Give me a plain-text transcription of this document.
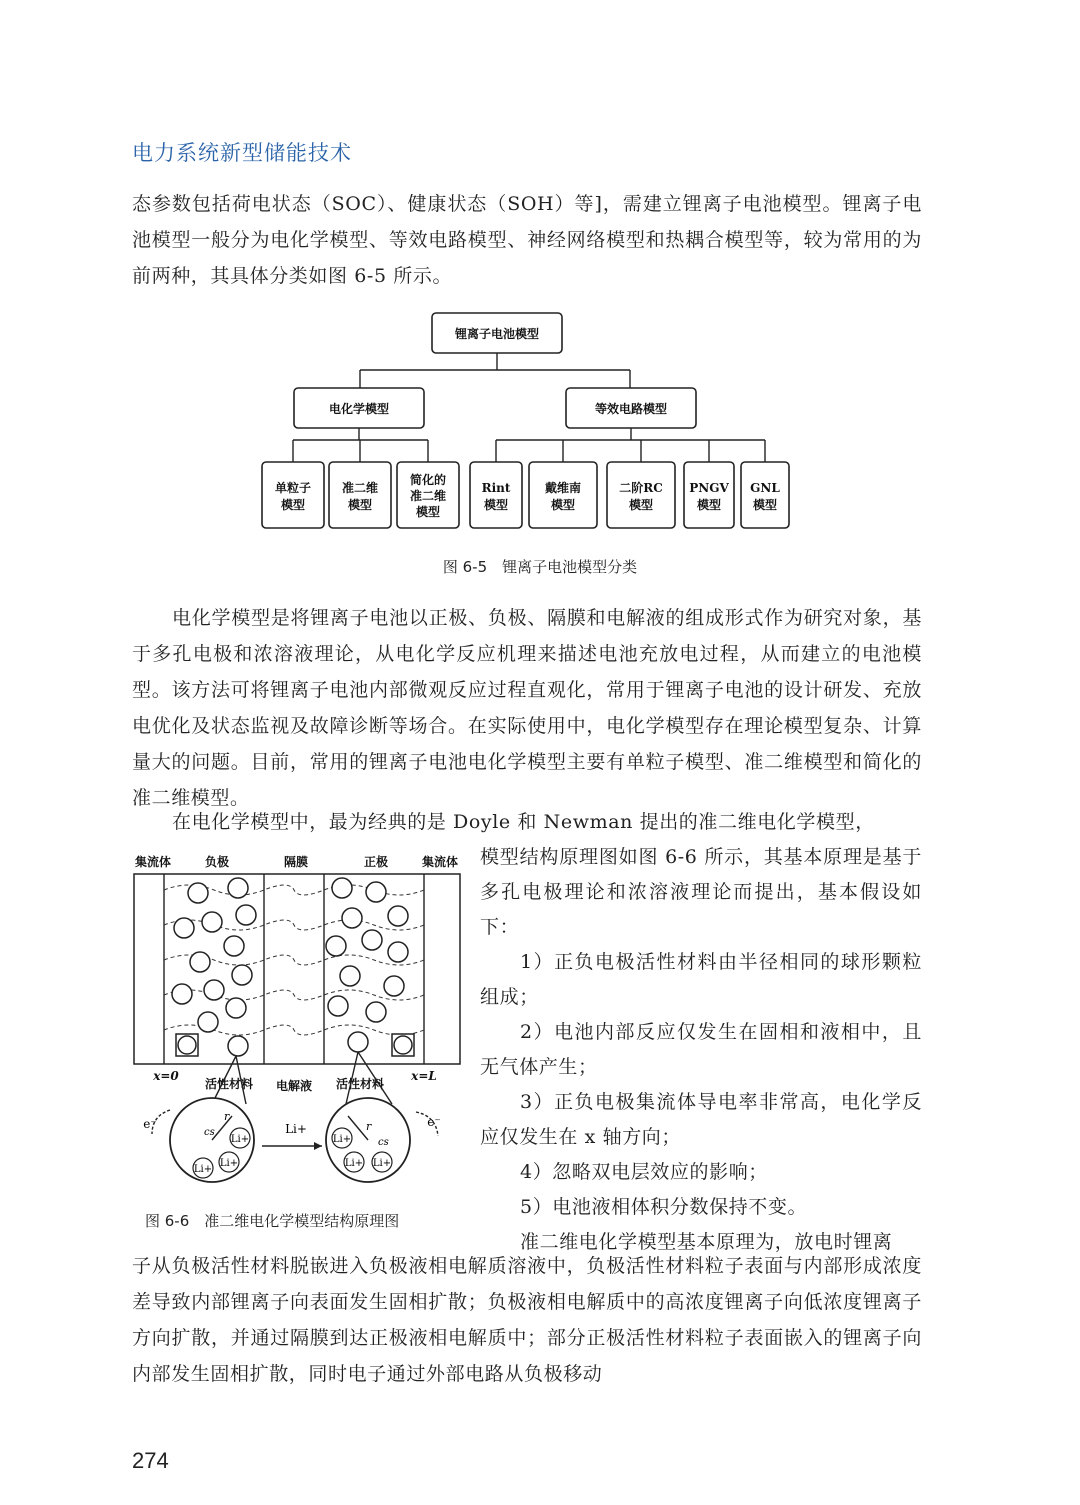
电力系统新型储能技术
态参数包括荷电状态（SOC）、健康状态（SOH）等]，需建立锂离子电池模型。锂离子电池模型一般分为电化学模型、等效电路模型、神经网络模型和热耦合模型等，较为常用的为前两种，其具体分类如图 6-5 所示。
锂离子电池模型
电化学模型	等效电路模型
单粒子
模型
准二维
模型
简化的
准二维
模型
Rint
模型
戴维南
模型
二阶RC
模型
PNGV
模型
GNL
模型
图 6-5　锂离子电池模型分类
电化学模型是将锂离子电池以正极、负极、隔膜和电解液的组成形式作为研究对象，基于多孔电极和浓溶液理论，从电化学反应机理来描述电池充放电过程，从而建立的电池模型。该方法可将锂离子电池内部微观反应过程直观化，常用于锂离子电池的设计研发、充放电优化及状态监视及故障诊断等场合。在实际使用中，电化学模型存在理论模型复杂、计算量大的问题。目前，常用的锂离子电池电化学模型主要有单粒子模型、准二维模型和简化的准二维模型。
在电化学模型中，最为经典的是 Doyle 和 Newman 提出的准二维电化学模型，
集流体	负极	隔膜	正极	集流体
x=0	x=L
活性材料 电解液 活性材料
Li+
Li+
Li+
r
cs
Li+
Li+ Li+
r
cs
Li+
e⁻	e⁻
图 6-6　准二维电化学模型结构原理图
模型结构原理图如图 6-6 所示，其基本原理是基于多孔电极理论和浓溶液理论而提出，基本假设如下：
1）正负电极活性材料由半径相同的球形颗粒组成；
2）电池内部反应仅发生在固相和液相中，且无气体产生；
3）正负电极集流体导电率非常高，电化学反应仅发生在 x 轴方向；
4）忽略双电层效应的影响；
5）电池液相体积分数保持不变。
准二维电化学模型基本原理为，放电时锂离
子从负极活性材料脱嵌进入负极液相电解质溶液中，负极活性材料粒子表面与内部形成浓度差导致内部锂离子向表面发生固相扩散；负极液相电解质中的高浓度锂离子向低浓度锂离子方向扩散，并通过隔膜到达正极液相电解质中；部分正极活性材料粒子表面嵌入的锂离子向内部发生固相扩散，同时电子通过外部电路从负极移动
274
